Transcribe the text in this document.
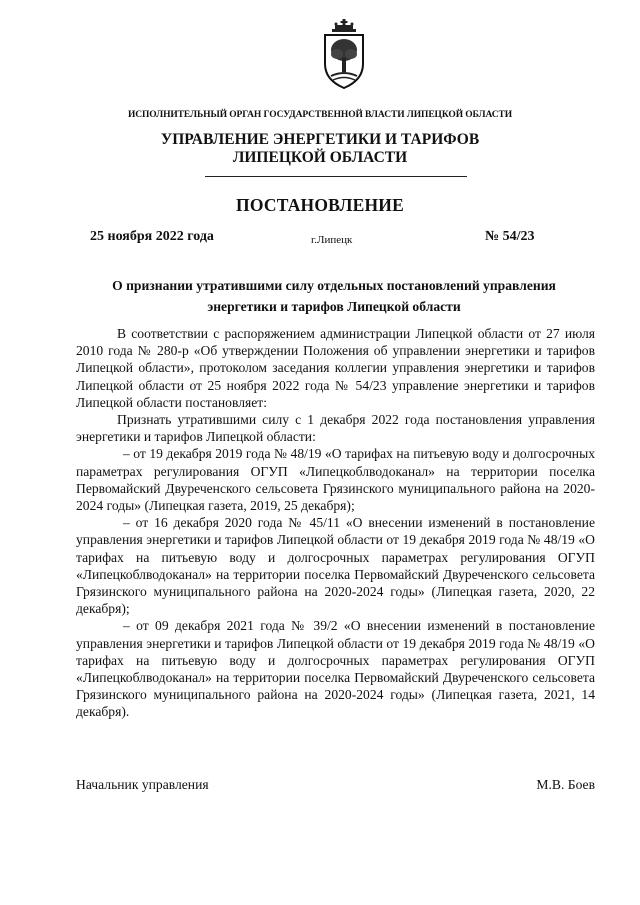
ИСПОЛНИТЕЛЬНЫЙ ОРГАН ГОСУДАРСТВЕННОЙ ВЛАСТИ ЛИПЕЦКОЙ ОБЛАСТИ
УПРАВЛЕНИЕ ЭНЕРГЕТИКИ И ТАРИФОВ
ЛИПЕЦКОЙ ОБЛАСТИ
ПОСТАНОВЛЕНИЕ
25 ноября 2022 года	г.Липецк	№ 54/23
О признании утратившими силу отдельных постановлений управления
энергетики и тарифов Липецкой области

В соответствии с распоряжением администрации Липецкой области от 27 июля 2010 года № 280-р «Об утверждении Положения об управлении энергетики и тарифов Липецкой области», протоколом заседания коллегии управления энергетики и тарифов Липецкой области от 25 ноября 2022 года № 54/23 управление энергетики и тарифов Липецкой области постановляет:

Признать утратившими силу с 1 декабря 2022 года постановления управления энергетики и тарифов Липецкой области:

– от 19 декабря 2019 года № 48/19 «О тарифах на питьевую воду и долгосрочных параметрах регулирования ОГУП «Липецкоблводоканал» на территории поселка Первомайский Двуреченского сельсовета Грязинского муниципального района на 2020-2024 годы» (Липецкая газета, 2019, 25 декабря);

– от 16 декабря 2020 года № 45/11 «О внесении изменений в постановление управления энергетики и тарифов Липецкой области от 19 декабря 2019 года № 48/19 «О тарифах на питьевую воду и долгосрочных параметрах регулирования ОГУП «Липецкоблводоканал» на территории поселка Первомайский Двуреченского сельсовета Грязинского муниципального района на 2020-2024 годы» (Липецкая газета, 2020, 22 декабря);

– от 09 декабря 2021 года № 39/2 «О внесении изменений в постановление управления энергетики и тарифов Липецкой области от 19 декабря 2019 года № 48/19 «О тарифах на питьевую воду и долгосрочных параметрах регулирования ОГУП «Липецкоблводоканал» на территории поселка Первомайский Двуреченского сельсовета Грязинского муниципального района на 2020-2024 годы» (Липецкая газета, 2021, 14 декабря).

Начальник управления	М.В. Боев
